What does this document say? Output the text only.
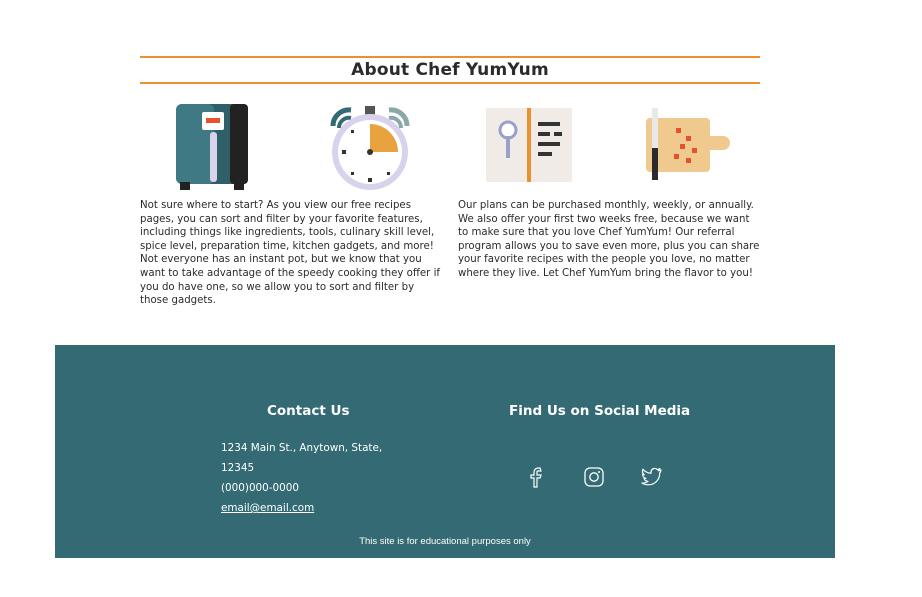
About Chef YumYum

Not sure where to start? As you view our free recipes pages, you can sort and filter by your favorite features, including things like ingredients, tools, culinary skill level, spice level, preparation time, kitchen gadgets, and more! Not everyone has an instant pot, but we know that you want to take advantage of the speedy cooking they offer if you do have one, so we allow you to sort and filter by those gadgets.

Our plans can be purchased monthly, weekly, or annually. We also offer your first two weeks free, because we want to make sure that you love Chef YumYum! Our referral program allows you to save even more, plus you can share your favorite recipes with the people you love, no matter where they live. Let Chef YumYum bring the flavor to you!

Contact Us
1234 Main St., Anytown, State,
12345
(000)000-0000
email@email.com
Find Us on Social Media
This site is for educational purposes only
